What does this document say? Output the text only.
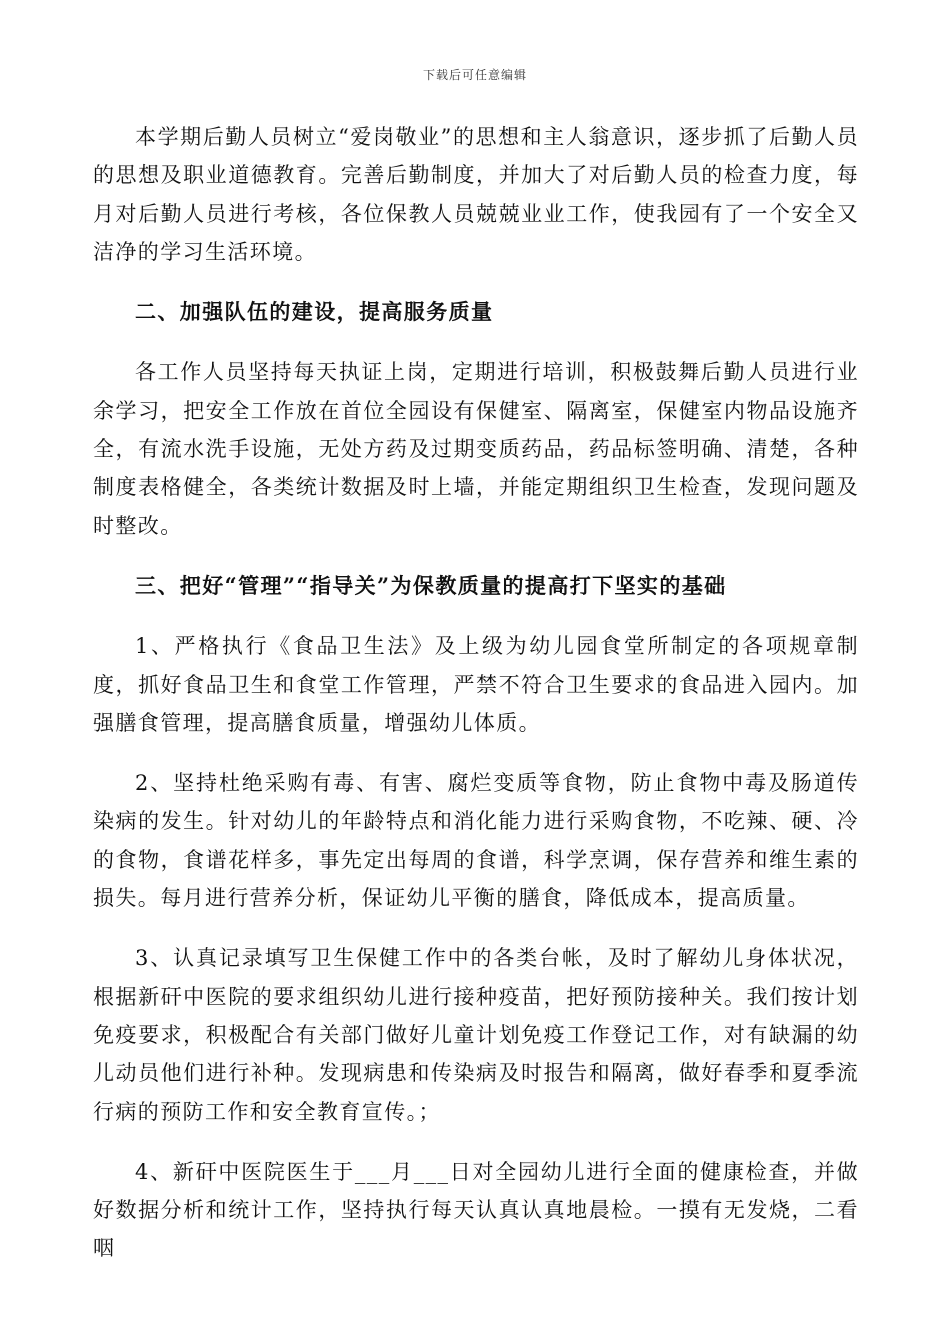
下载后可任意编辑

本学期后勤人员树立“爱岗敬业”的思想和主人翁意识，逐步抓了后勤人员的思想及职业道德教育。完善后勤制度，并加大了对后勤人员的检查力度，每月对后勤人员进行考核，各位保教人员兢兢业业工作，使我园有了一个安全又洁净的学习生活环境。

二、加强队伍的建设，提高服务质量

各工作人员坚持每天执证上岗，定期进行培训，积极鼓舞后勤人员进行业余学习，把安全工作放在首位全园设有保健室、隔离室，保健室内物品设施齐全，有流水洗手设施，无处方药及过期变质药品，药品标签明确、清楚，各种制度表格健全，各类统计数据及时上墙，并能定期组织卫生检查，发现问题及时整改。

三、把好“管理”“指导关”为保教质量的提高打下坚实的基础

1、严格执行《食品卫生法》及上级为幼儿园食堂所制定的各项规章制度，抓好食品卫生和食堂工作管理，严禁不符合卫生要求的食品进入园内。加强膳食管理，提高膳食质量，增强幼儿体质。

2、坚持杜绝采购有毒、有害、腐烂变质等食物，防止食物中毒及肠道传染病的发生。针对幼儿的年龄特点和消化能力进行采购食物，不吃辣、硬、冷的食物，食谱花样多，事先定出每周的食谱，科学烹调，保存营养和维生素的损失。每月进行营养分析，保证幼儿平衡的膳食，降低成本，提高质量。

3、认真记录填写卫生保健工作中的各类台帐，及时了解幼儿身体状况，根据新矸中医院的要求组织幼儿进行接种疫苗，把好预防接种关。我们按计划免疫要求，积极配合有关部门做好儿童计划免疫工作登记工作，对有缺漏的幼儿动员他们进行补种。发现病患和传染病及时报告和隔离，做好春季和夏季流行病的预防工作和安全教育宣传。；

4、新矸中医院医生于___月___日对全园幼儿进行全面的健康检查，并做好数据分析和统计工作，坚持执行每天认真认真地晨检。一摸有无发烧，二看咽
